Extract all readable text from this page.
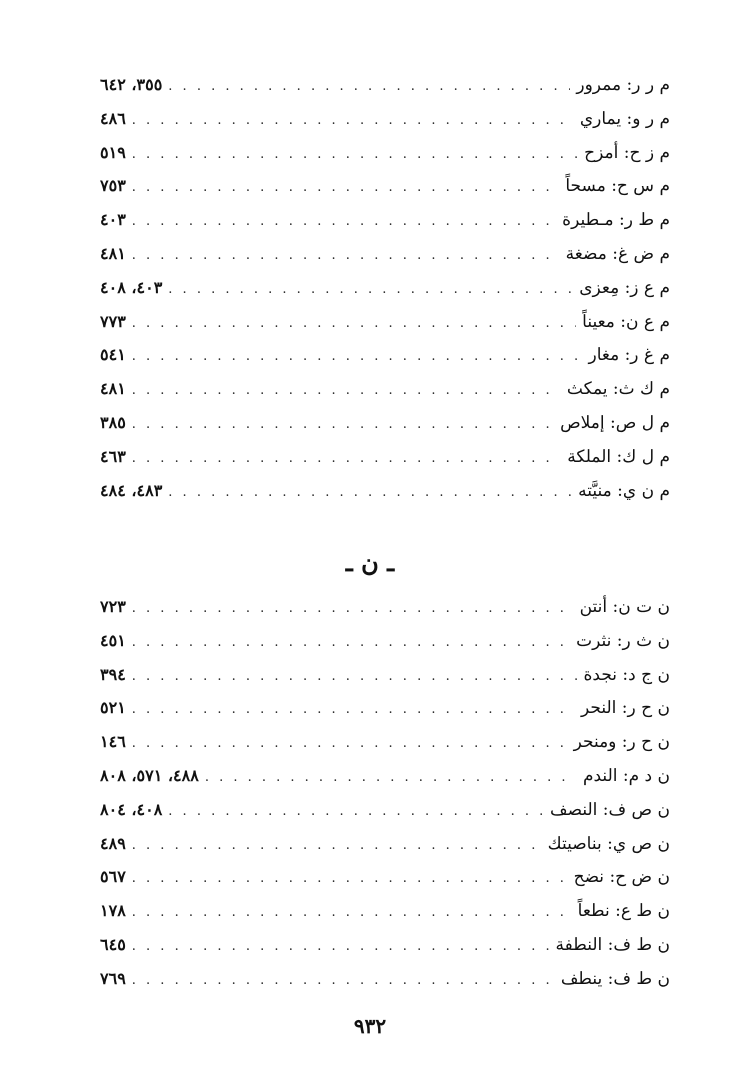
م ر ر: ممرور
. . .
٣٥٥، ٦٤٢
م ر و: يماري
. . .
٤٨٦
م ز ح: أمزح
. . .
٥١٩
م س ح: مسحاً
. . .
٧٥٣
م ط ر: مـطيرة
. . .
٤٠٣
م ض غ: مضغة
. . .
٤٨١
م ع ز: مِعزى
. . .
٤٠٣، ٤٠٨
م ع ن: معيناً
. . .
٧٧٣
م غ ر: مغار
. . .
٥٤١
م ك ث: يمكث
. . .
٤٨١
م ل ص: إملاص
. . .
٣٨٥
م ل ك: الملكة
. . .
٤٦٣
م ن ي: منيَّته
. . .
٤٨٣، ٤٨٤
ـ ن ـ
ن ت ن: أنتن
. . .
٧٢٣
ن ث ر: نثرت
. . .
٤٥١
ن ج د: نجدة
. . .
٣٩٤
ن ح ر: النحر
. . .
٥٢١
ن ح ر: ومنحر
. . .
١٤٦
ن د م: الندم
. . .
٤٨٨، ٥٧١، ٨٠٨
ن ص ف: النصف
. . .
٤٠٨، ٨٠٤
ن ص ي: بناصيتك
. . .
٤٨٩
ن ض ح: نضح
. . .
٥٦٧
ن ط ع: نطعاً
. . .
١٧٨
ن ط ف: النطفة
. . .
٦٤٥
ن ط ف: ينطف
. . .
٧٦٩
٩٣٢
